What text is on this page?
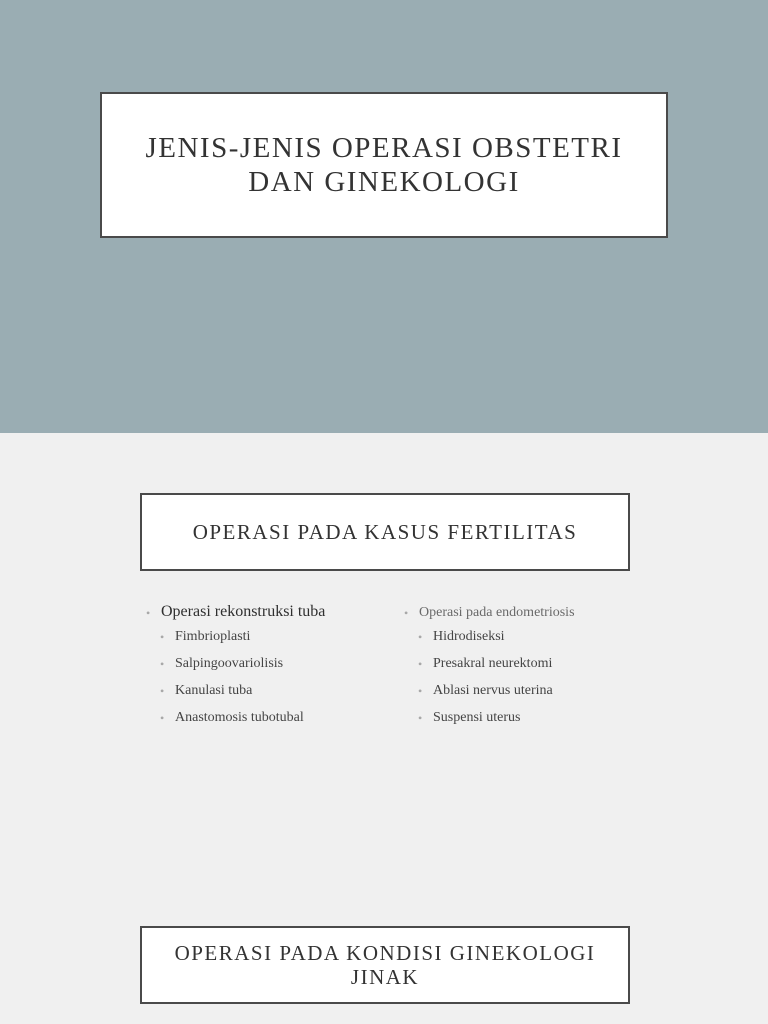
JENIS-JENIS OPERASI OBSTETRI DAN GINEKOLOGI
OPERASI PADA KASUS FERTILITAS
• Operasi rekonstruksi tuba
• Fimbrioplasti
• Salpingoovariolisis
• Kanulasi tuba
• Anastomosis tubotubal
• Operasi pada endometriosis
• Hidrodiseksi
• Presakral neurektomi
• Ablasi nervus uterina
• Suspensi uterus
OPERASI PADA KONDISI GINEKOLOGI JINAK
